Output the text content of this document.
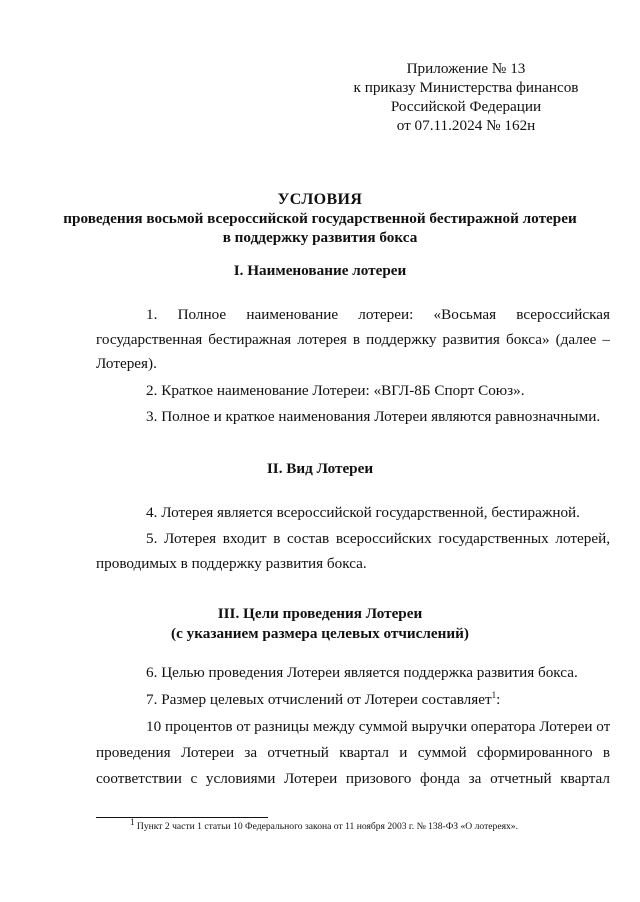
Приложение № 13
к приказу Министерства финансов
Российской Федерации
от 07.11.2024 № 162н
УСЛОВИЯ
проведения восьмой всероссийской государственной бестиражной лотереи
в поддержку развития бокса
I. Наименование лотереи
1. Полное наименование лотереи: «Восьмая всероссийская
государственная бестиражная лотерея в поддержку развития бокса» (далее –
Лотерея).
2. Краткое наименование Лотереи: «ВГЛ-8Б Спорт Союз».
3. Полное и краткое наименования Лотереи являются равнозначными.
II. Вид Лотереи
4. Лотерея является всероссийской государственной, бестиражной.
5. Лотерея входит в состав всероссийских государственных лотерей,
проводимых в поддержку развития бокса.
III. Цели проведения Лотереи
(с указанием размера целевых отчислений)
6. Целью проведения Лотереи является поддержка развития бокса.
7. Размер целевых отчислений от Лотереи составляет$^1$:
10 процентов от разницы между суммой выручки оператора Лотереи от
проведения Лотереи за отчетный квартал и суммой сформированного в
соответствии с условиями Лотереи призового фонда за отчетный квартал
$^1$ Пункт 2 части 1 статьи 10 Федерального закона от 11 ноября 2003 г. № 138-ФЗ «О лотереях».
